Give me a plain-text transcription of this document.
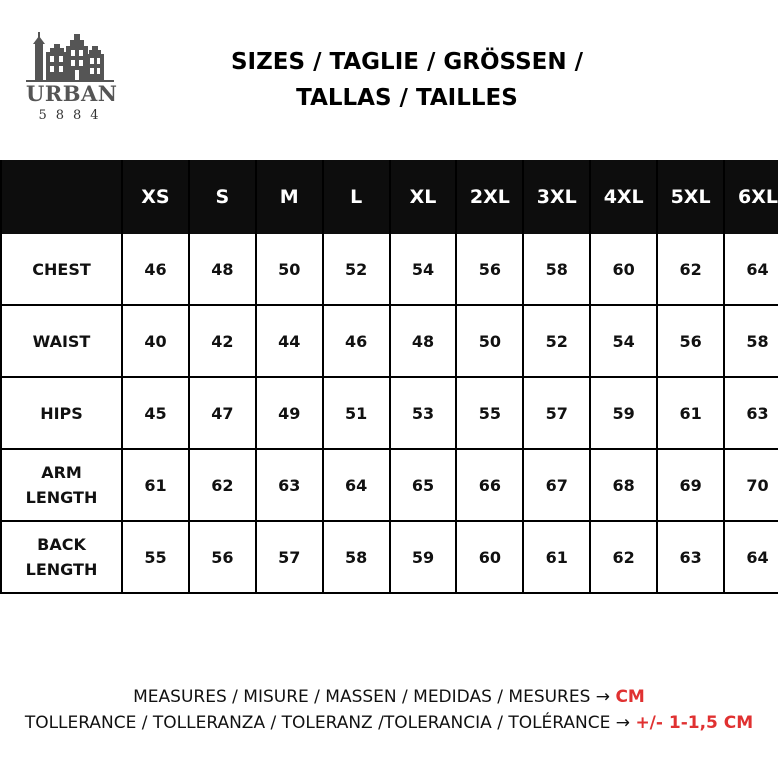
URBAN
5884
SIZES / TAGLIE / GRÖSSEN /
TALLAS / TAILLES
	XS	S	M	L	XL	2XL	3XL	4XL	5XL	6XL
CHEST	46	48	50	52	54	56	58	60	62	64
WAIST	40	42	44	46	48	50	52	54	56	58
HIPS	45	47	49	51	53	55	57	59	61	63
ARM
LENGTH	61	62	63	64	65	66	67	68	69	70
BACK
LENGTH	55	56	57	58	59	60	61	62	63	64
MEASURES / MISURE / MASSEN / MEDIDAS / MESURES → CM
TOLLERANCE / TOLLERANZA / TOLERANZ /TOLERANCIA / TOLÉRANCE → +/- 1-1,5 CM
